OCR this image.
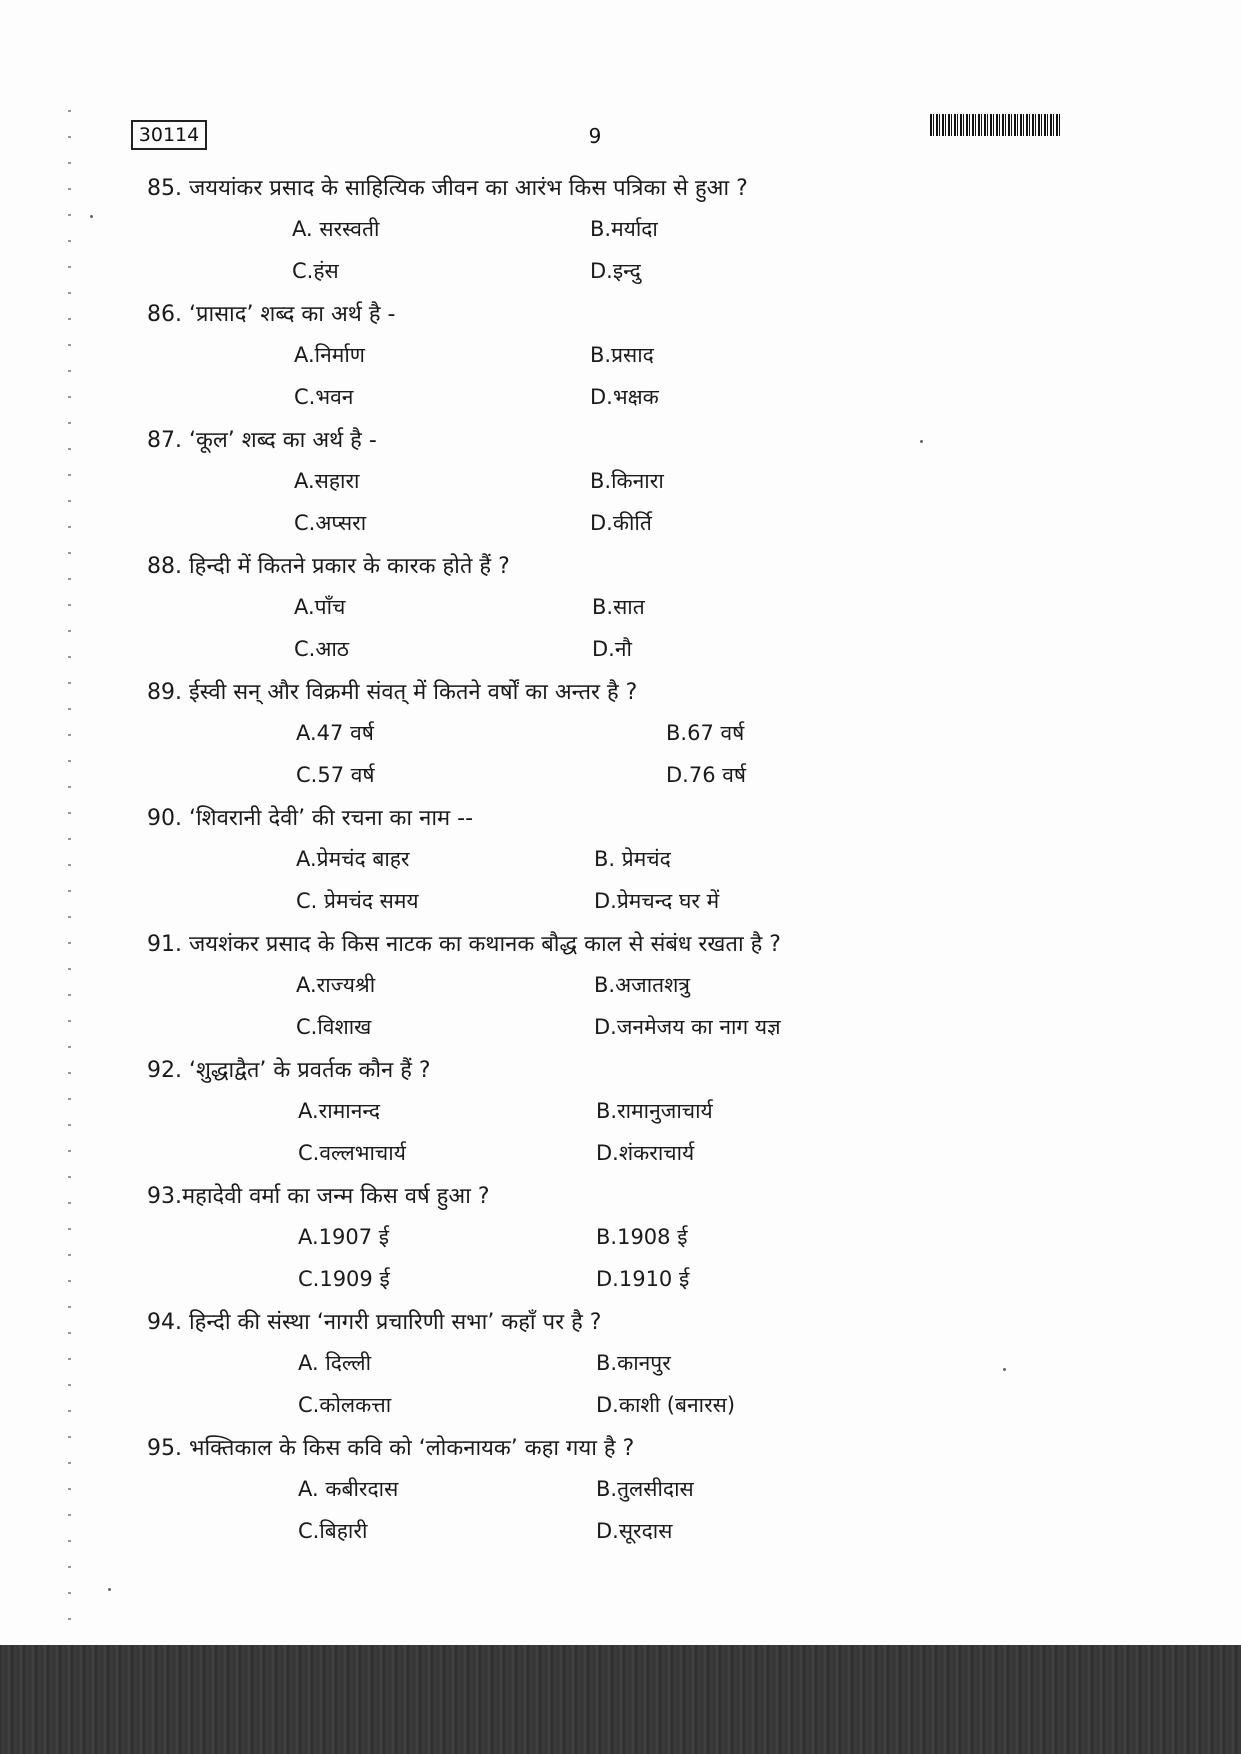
30114	9
85. जययांकर प्रसाद के साहित्यिक जीवन का आरंभ किस पत्रिका से हुआ ?
A. सरस्वती	B.मर्यादा
C.हंस	D.इन्दु
86. ‘प्रासाद’ शब्द का अर्थ है -
A.निर्माण	B.प्रसाद
C.भवन	D.भक्षक
87. ‘कूल’ शब्द का अर्थ है -
A.सहारा	B.किनारा
C.अप्सरा	D.कीर्ति
88. हिन्दी में कितने प्रकार के कारक होते हैं ?
A.पॉंच	B.सात
C.आठ	D.नौ
89. ईस्वी सन् और विक्रमी संवत् में कितने वर्षों का अन्तर है ?
A.47 वर्ष	B.67 वर्ष
C.57 वर्ष	D.76 वर्ष
90. ‘शिवरानी देवी’ की रचना का नाम --
A.प्रेमचंद बाहर	B. प्रेमचंद
C. प्रेमचंद समय	D.प्रेमचन्द घर में
91. जयशंकर प्रसाद के किस नाटक का कथानक बौद्ध काल से संबंध रखता है ?
A.राज्यश्री	B.अजातशत्रु
C.विशाख	D.जनमेजय का नाग यज्ञ
92. ‘शुद्धाद्वैत’ के प्रवर्तक कौन हैं ?
A.रामानन्द	B.रामानुजाचार्य
C.वल्लभाचार्य	D.शंकराचार्य
93.महादेवी वर्मा का जन्म किस वर्ष हुआ ?
A.1907 ई	B.1908 ई
C.1909 ई	D.1910 ई
94. हिन्दी की संस्था ‘नागरी प्रचारिणी सभा’ कहॉं पर है ?
A. दिल्ली	B.कानपुर
C.कोलकत्ता	D.काशी (बनारस)
95. भक्तिकाल के किस कवि को ‘लोकनायक’ कहा गया है ?
A. कबीरदास	B.तुलसीदास
C.बिहारी	D.सूरदास
